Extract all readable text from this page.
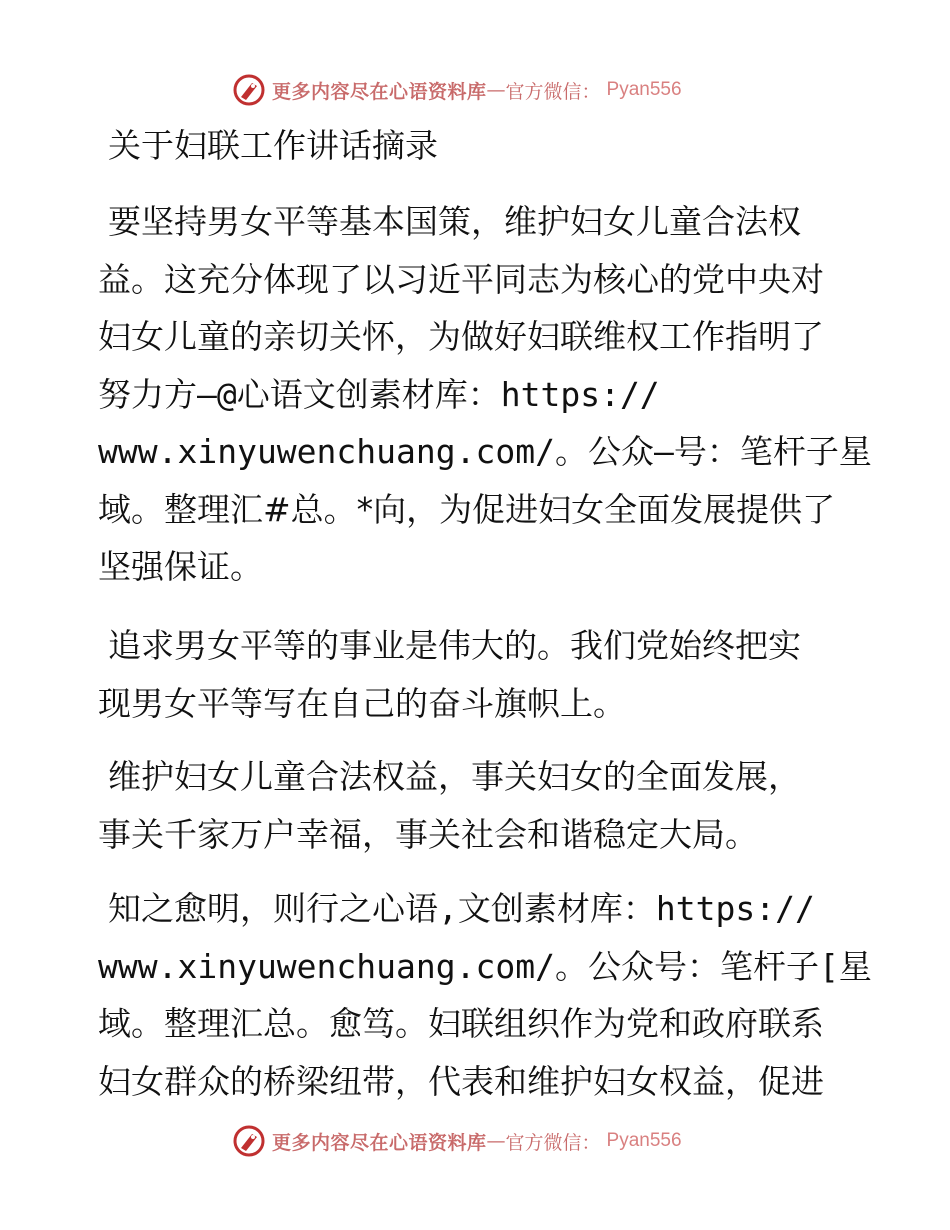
更多内容尽在心语资料库 — 官方微信： Pyan556
关于妇联工作讲话摘录
要坚持男女平等基本国策，维护妇女儿童合法权
益。这充分体现了以习近平同志为核心的党中央对
妇女儿童的亲切关怀，为做好妇联维权工作指明了
努力方—@心语文创素材库：https://
www.xinyuwenchuang.com/。公众—号：笔杆子星
域。整理汇#总。*向，为促进妇女全面发展提供了
坚强保证。
追求男女平等的事业是伟大的。我们党始终把实
现男女平等写在自己的奋斗旗帜上。
维护妇女儿童合法权益，事关妇女的全面发展，
事关千家万户幸福，事关社会和谐稳定大局。
知之愈明，则行之心语,文创素材库：https://
www.xinyuwenchuang.com/。公众号：笔杆子[星
域。整理汇总。愈笃。妇联组织作为党和政府联系
妇女群众的桥梁纽带，代表和维护妇女权益，促进
更多内容尽在心语资料库 — 官方微信： Pyan556
